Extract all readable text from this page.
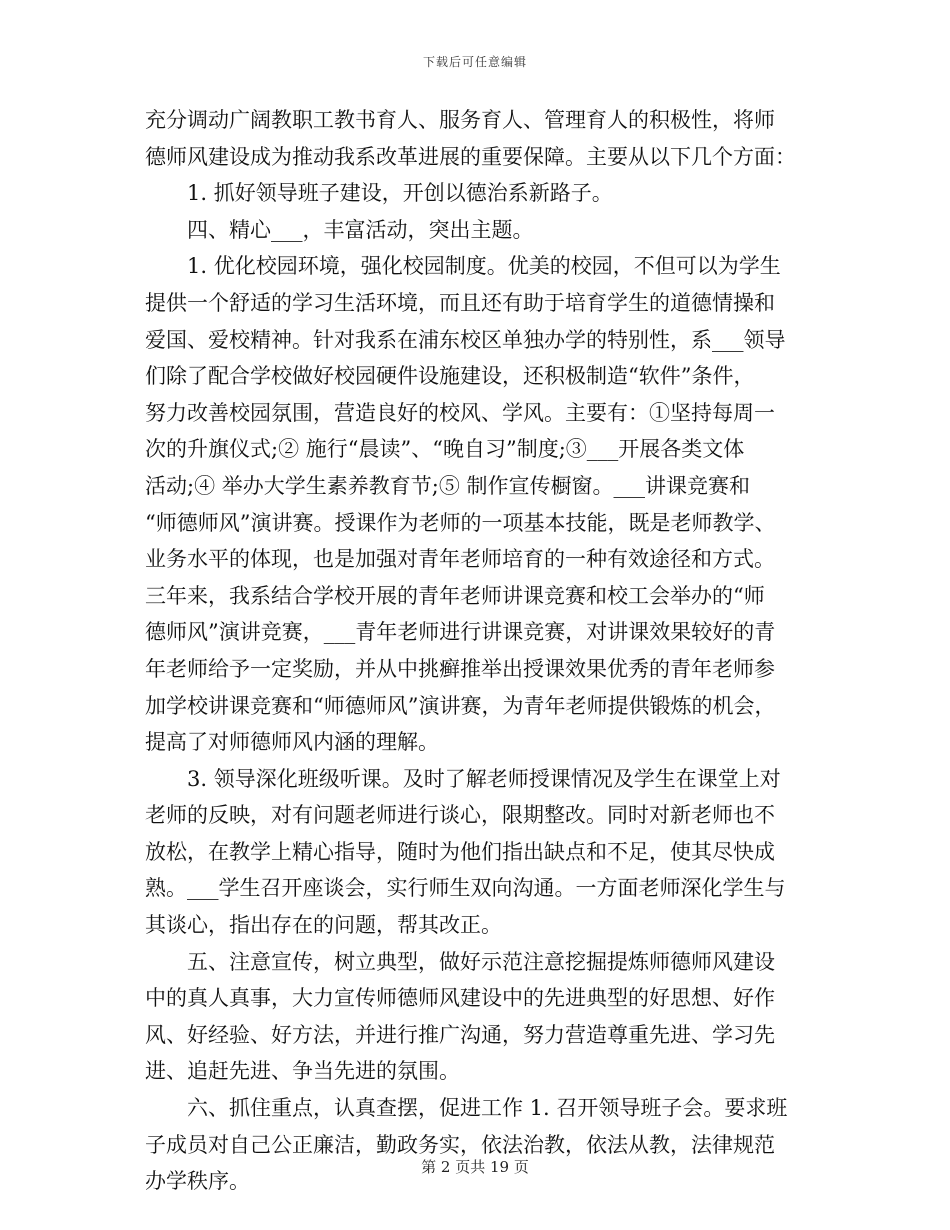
下载后可任意编辑
充分调动广阔教职工教书育人、服务育人、管理育人的积极性，将师
德师风建设成为推动我系改革进展的重要保障。主要从以下几个方面：
1. 抓好领导班子建设，开创以德治系新路子。
四、精心___，丰富活动，突出主题。
1. 优化校园环境，强化校园制度。优美的校园，不但可以为学生
提供一个舒适的学习生活环境，而且还有助于培育学生的道德情操和
爱国、爱校精神。针对我系在浦东校区单独办学的特别性，系___领导
们除了配合学校做好校园硬件设施建设，还积极制造“软件”条件，
努力改善校园氛围，营造良好的校风、学风。主要有：①坚持每周一
次的升旗仪式;② 施行“晨读”、“晚自习”制度;③___开展各类文体
活动;④ 举办大学生素养教育节;⑤ 制作宣传橱窗。___讲课竞赛和
“师德师风”演讲赛。授课作为老师的一项基本技能，既是老师教学、
业务水平的体现，也是加强对青年老师培育的一种有效途径和方式。
三年来，我系结合学校开展的青年老师讲课竞赛和校工会举办的“师
德师风”演讲竞赛，___青年老师进行讲课竞赛，对讲课效果较好的青
年老师给予一定奖励，并从中挑癣推举出授课效果优秀的青年老师参
加学校讲课竞赛和“师德师风”演讲赛，为青年老师提供锻炼的机会，
提高了对师德师风内涵的理解。
3. 领导深化班级听课。及时了解老师授课情况及学生在课堂上对
老师的反映，对有问题老师进行谈心，限期整改。同时对新老师也不
放松，在教学上精心指导，随时为他们指出缺点和不足，使其尽快成
熟。___学生召开座谈会，实行师生双向沟通。一方面老师深化学生与
其谈心，指出存在的问题，帮其改正。
五、注意宣传，树立典型，做好示范注意挖掘提炼师德师风建设
中的真人真事，大力宣传师德师风建设中的先进典型的好思想、好作
风、好经验、好方法，并进行推广沟通，努力营造尊重先进、学习先
进、追赶先进、争当先进的氛围。
六、抓住重点，认真查摆，促进工作 1. 召开领导班子会。要求班
子成员对自己公正廉洁，勤政务实，依法治教，依法从教，法律规范
办学秩序。
第 2 页共 19 页
